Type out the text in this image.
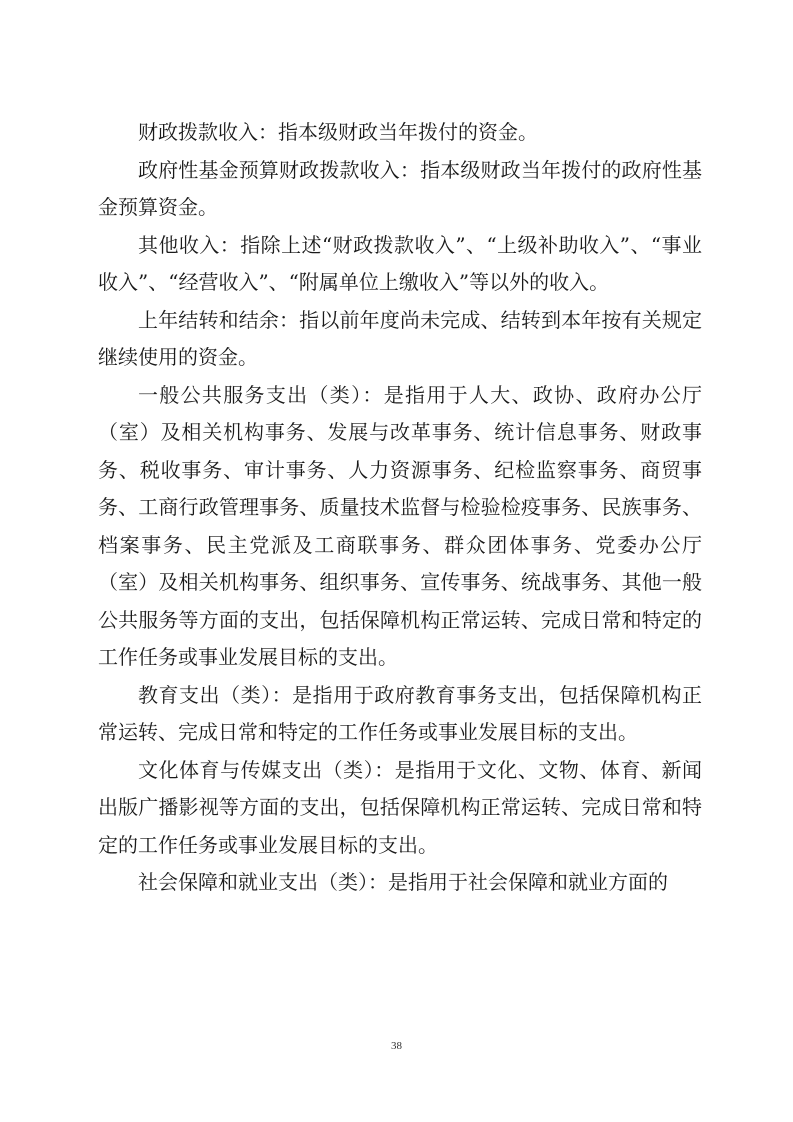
财政拨款收入：指本级财政当年拨付的资金。

政府性基金预算财政拨款收入：指本级财政当年拨付的政府性基金预算资金。

其他收入：指除上述“财政拨款收入”、“上级补助收入”、“事业收入”、“经营收入”、“附属单位上缴收入”等以外的收入。

上年结转和结余：指以前年度尚未完成、结转到本年按有关规定继续使用的资金。

一般公共服务支出（类）：是指用于人大、政协、政府办公厅（室）及相关机构事务、发展与改革事务、统计信息事务、财政事务、税收事务、审计事务、人力资源事务、纪检监察事务、商贸事务、工商行政管理事务、质量技术监督与检验检疫事务、民族事务、档案事务、民主党派及工商联事务、群众团体事务、党委办公厅（室）及相关机构事务、组织事务、宣传事务、统战事务、其他一般公共服务等方面的支出，包括保障机构正常运转、完成日常和特定的工作任务或事业发展目标的支出。

教育支出（类）：是指用于政府教育事务支出，包括保障机构正常运转、完成日常和特定的工作任务或事业发展目标的支出。

文化体育与传媒支出（类）：是指用于文化、文物、体育、新闻出版广播影视等方面的支出，包括保障机构正常运转、完成日常和特定的工作任务或事业发展目标的支出。

社会保障和就业支出（类）：是指用于社会保障和就业方面的

38
